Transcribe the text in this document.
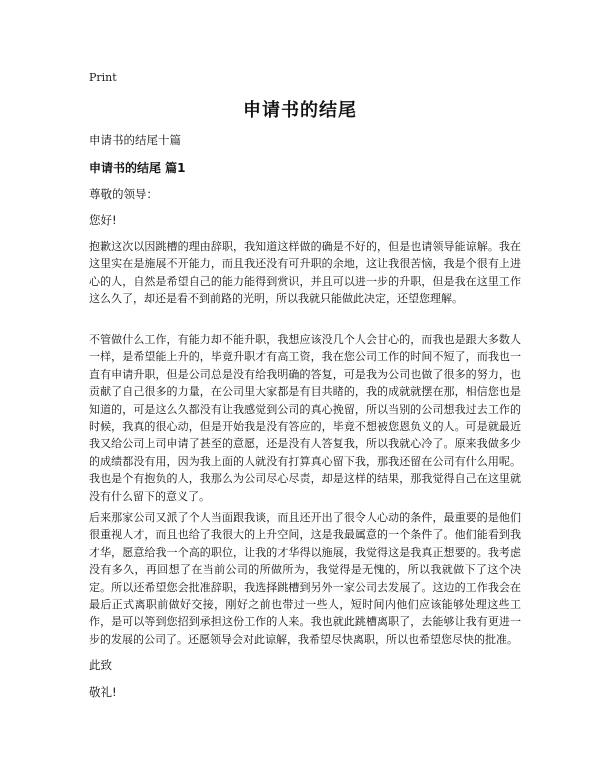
Print
申请书的结尾
申请书的结尾十篇
申请书的结尾 篇1
尊敬的领导：
您好!
抱歉这次以因跳槽的理由辞职，我知道这样做的确是不好的，但是也请领导能谅解。我在这里实在是施展不开能力，而且我还没有可升职的余地，这让我很苦恼，我是个很有上进心的人，自然是希望自己的能力能得到赏识，并且可以进一步的升职，但是我在这里工作这么久了，却还是看不到前路的光明，所以我就只能做此决定，还望您理解。
不管做什么工作，有能力却不能升职，我想应该没几个人会甘心的，而我也是跟大多数人一样，是希望能上升的，毕竟升职才有高工资，我在您公司工作的时间不短了，而我也一直有申请升职，但是公司总是没有给我明确的答复，可是我为公司也做了很多的努力，也贡献了自己很多的力量，在公司里大家都是有目共睹的，我的成就就摆在那，相信您也是知道的，可是这么久都没有让我感觉到公司的真心挽留，所以当别的公司想我过去工作的时候，我真的很心动，但是开始我是没有答应的，毕竟不想被您恩负义的人。可是就最近我又给公司上司申请了甚至的意愿，还是没有人答复我，所以我就心冷了。原来我做多少的成绩都没有用，因为我上面的人就没有打算真心留下我，那我还留在公司有什么用呢。我也是个有抱负的人，我那么为公司尽心尽责，却是这样的结果，那我觉得自己在这里就没有什么留下的意义了。
后来那家公司又派了个人当面跟我谈，而且还开出了很令人心动的条件，最重要的是他们很重视人才，而且也给了我很大的上升空间，这是我最属意的一个条件了。他们能看到我才华，愿意给我一个高的职位，让我的才华得以施展，我觉得这是我真正想要的。我考虑没有多久，再回想了在当前公司的所做所为，我觉得是无愧的，所以我就做下了这个决定。所以还希望您会批准辞职，我选择跳槽到另外一家公司去发展了。这边的工作我会在最后正式离职前做好交接，刚好之前也带过一些人，短时间内他们应该能够处理这些工作，是可以等到您招到承担这份工作的人来。我也就此跳槽离职了，去能够让我有更进一步的发展的公司了。还愿领导会对此谅解，我希望尽快离职，所以也希望您尽快的批准。
此致
敬礼!
